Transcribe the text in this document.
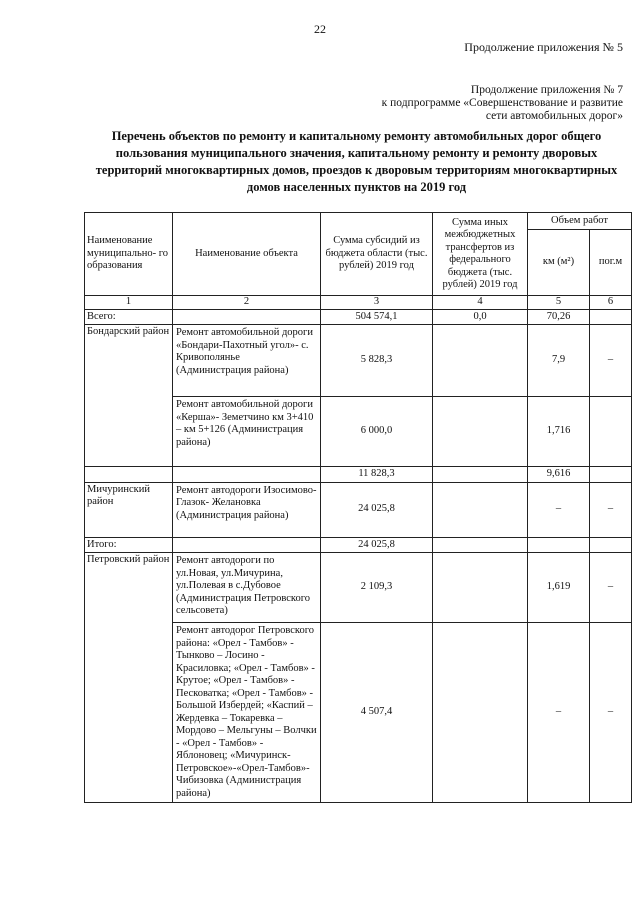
22
Продолжение приложения № 5
Продолжение приложения № 7
к подпрограмме «Совершенствование и развитие
сети автомобильных дорог»
Перечень объектов по ремонту и капитальному ремонту автомобильных дорог общего пользования муниципального значения, капитальному ремонту и ремонту дворовых территорий многоквартирных домов, проездов к дворовым территориям многоквартирных домов населенных пунктов на 2019 год
Наименование муниципально- го образования	Наименование объекта	Сумма субсидий из бюджета области (тыс. рублей) 2019 год	Сумма иных межбюджетных трансфертов из федерального бюджета (тыс. рублей) 2019 год	Объем работ	
				км (м²)	пог.м
1	2	3	4	5	6
Всего:		504 574,1	0,0	70,26	
Бондарский район	Ремонт автомобильной дороги «Бондари-Пахотный угол»- с. Кривополянье (Администрация района)	5 828,3		7,9	–
	Ремонт автомобильной дороги «Керша»- Земетчино км 3+410 – км 5+126 (Администрация района)	6 000,0		1,716	
		11 828,3		9,616	
Мичуринский район	Ремонт автодороги Изосимово-Глазок- Желановка (Администрация района)	24 025,8		–	–
Итого:		24 025,8			
Петровский район	Ремонт автодороги по ул.Новая, ул.Мичурина, ул.Полевая в с.Дубовое (Администрация Петровского сельсовета)	2 109,3		1,619	–
	Ремонт автодорог Петровского района: «Орел - Тамбов» - Тынково – Лосино - Красиловка; «Орел - Тамбов» - Крутое; «Орел - Тамбов» - Песковатка; «Орел - Тамбов» - Большой Избердей; «Каспий – Жердевка – Токаревка – Мордово – Мельгуны – Волчки - «Орел - Тамбов» - Яблоновец; «Мичуринск-Петровское»-«Орел-Тамбов»-Чибизовка (Администрация района)	4 507,4		–	–
